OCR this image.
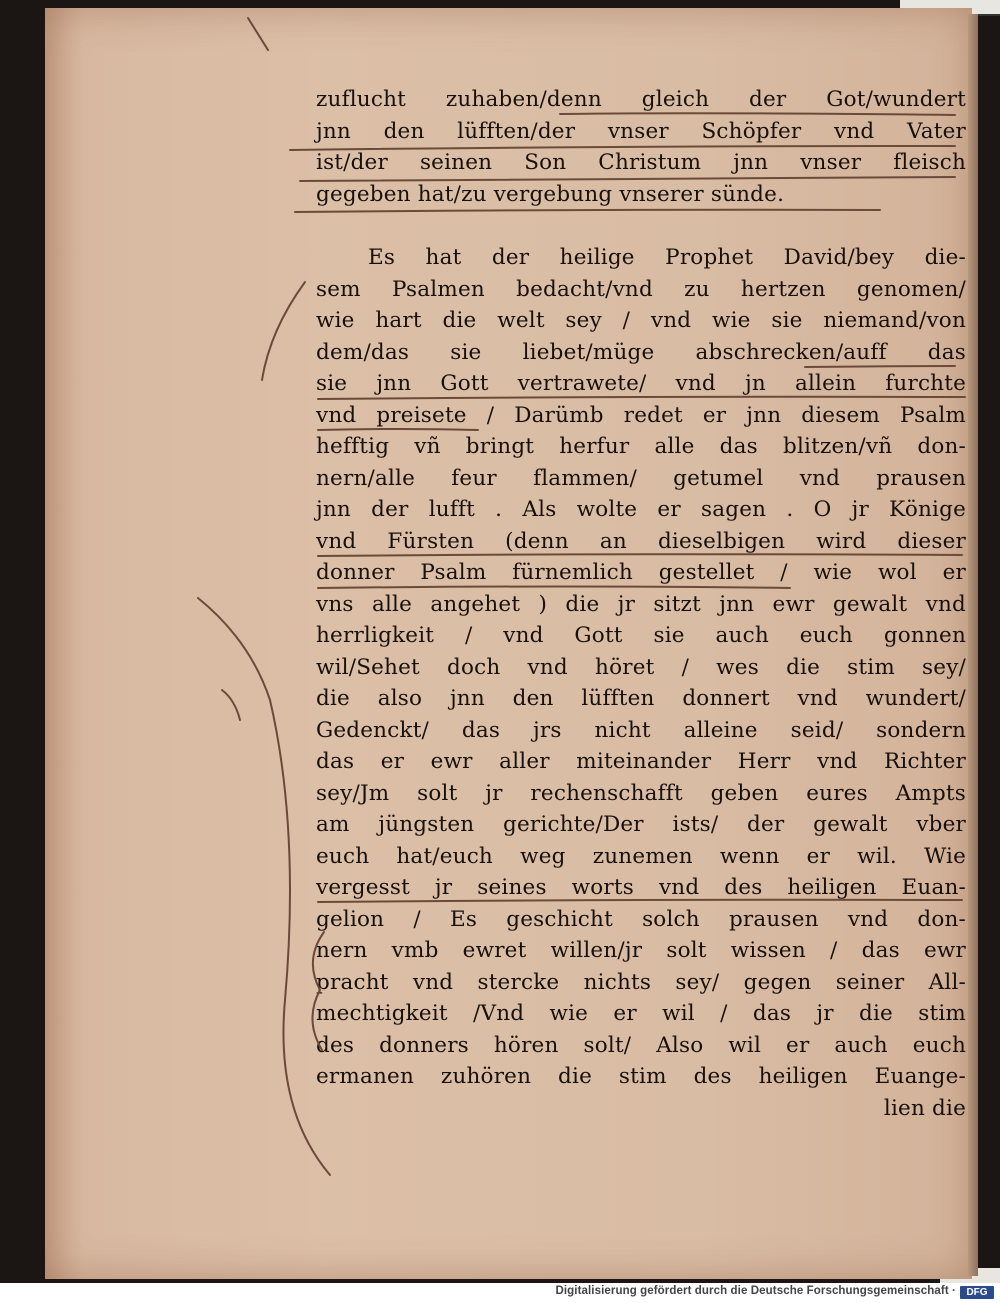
zuflucht zuhaben/denn gleich der Got/wundert
jnn den lüfften/der vnser Schöpfer vnd Vater
ist/der seinen Son Christum jnn vnser fleisch
gegeben hat/zu vergebung vnserer sünde.
Es hat der heilige Prophet David/bey die-
sem Psalmen bedacht/vnd zu hertzen genomen/
wie hart die welt sey / vnd wie sie niemand/von
dem/das sie liebet/müge abschrecken/auff das
sie jnn Gott vertrawete/ vnd jn allein furchte
vnd preisete / Darümb redet er jnn diesem Psalm
hefftig vñ bringt herfur alle das blitzen/vñ don-
nern/alle feur flammen/ getumel vnd prausen
jnn der lufft . Als wolte er sagen . O jr Könige
vnd Fürsten (denn an dieselbigen wird dieser
donner Psalm fürnemlich gestellet / wie wol er
vns alle angehet ) die jr sitzt jnn ewr gewalt vnd
herrligkeit / vnd Gott sie auch euch gonnen
wil/Sehet doch vnd höret / wes die stim sey/
die also jnn den lüfften donnert vnd wundert/
Gedenckt/ das jrs nicht alleine seid/ sondern
das er ewr aller miteinander Herr vnd Richter
sey/Jm solt jr rechenschafft geben eures Ampts
am jüngsten gerichte/Der ists/ der gewalt vber
euch hat/euch weg zunemen wenn er wil. Wie
vergesst jr seines worts vnd des heiligen Euan-
gelion / Es geschicht solch prausen vnd don-
nern vmb ewret willen/jr solt wissen / das ewr
pracht vnd stercke nichts sey/ gegen seiner All-
mechtigkeit /Vnd wie er wil / das jr die stim
des donners hören solt/ Also wil er auch euch
ermanen zuhören die stim des heiligen Euange-
lien die
Digitalisierung gefördert durch die Deutsche Forschungsgemeinschaft ·	DFG
